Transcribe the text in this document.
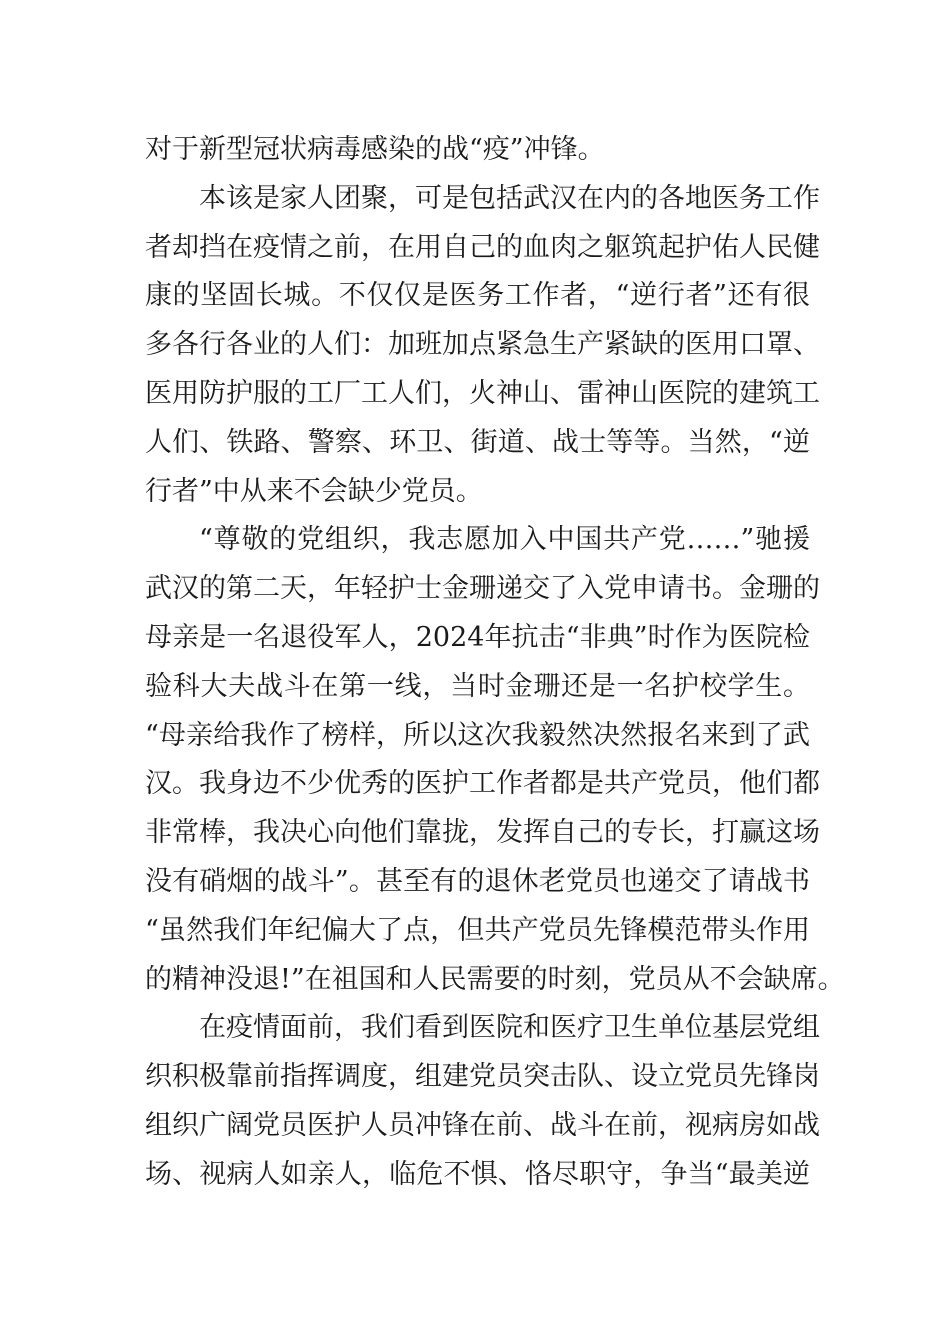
对于新型冠状病毒感染的战“疫”冲锋。
本该是家人团聚，可是包括武汉在内的各地医务工作
者却挡在疫情之前，在用自己的血肉之躯筑起护佑人民健
康的坚固长城。不仅仅是医务工作者，“逆行者”还有很
多各行各业的人们：加班加点紧急生产紧缺的医用口罩、
医用防护服的工厂工人们，火神山、雷神山医院的建筑工
人们、铁路、警察、环卫、街道、战士等等。当然，“逆
行者”中从来不会缺少党员。
“尊敬的党组织，我志愿加入中国共产党……”驰援
武汉的第二天，年轻护士金珊递交了入党申请书。金珊的
母亲是一名退役军人，2024年抗击“非典”时作为医院检
验科大夫战斗在第一线，当时金珊还是一名护校学生。
“母亲给我作了榜样，所以这次我毅然决然报名来到了武
汉。我身边不少优秀的医护工作者都是共产党员，他们都
非常棒，我决心向他们靠拢，发挥自己的专长，打赢这场
没有硝烟的战斗”。甚至有的退休老党员也递交了请战书
“虽然我们年纪偏大了点，但共产党员先锋模范带头作用
的精神没退!”在祖国和人民需要的时刻，党员从不会缺席。
在疫情面前，我们看到医院和医疗卫生单位基层党组
织积极靠前指挥调度，组建党员突击队、设立党员先锋岗
组织广阔党员医护人员冲锋在前、战斗在前，视病房如战
场、视病人如亲人，临危不惧、恪尽职守，争当“最美逆
